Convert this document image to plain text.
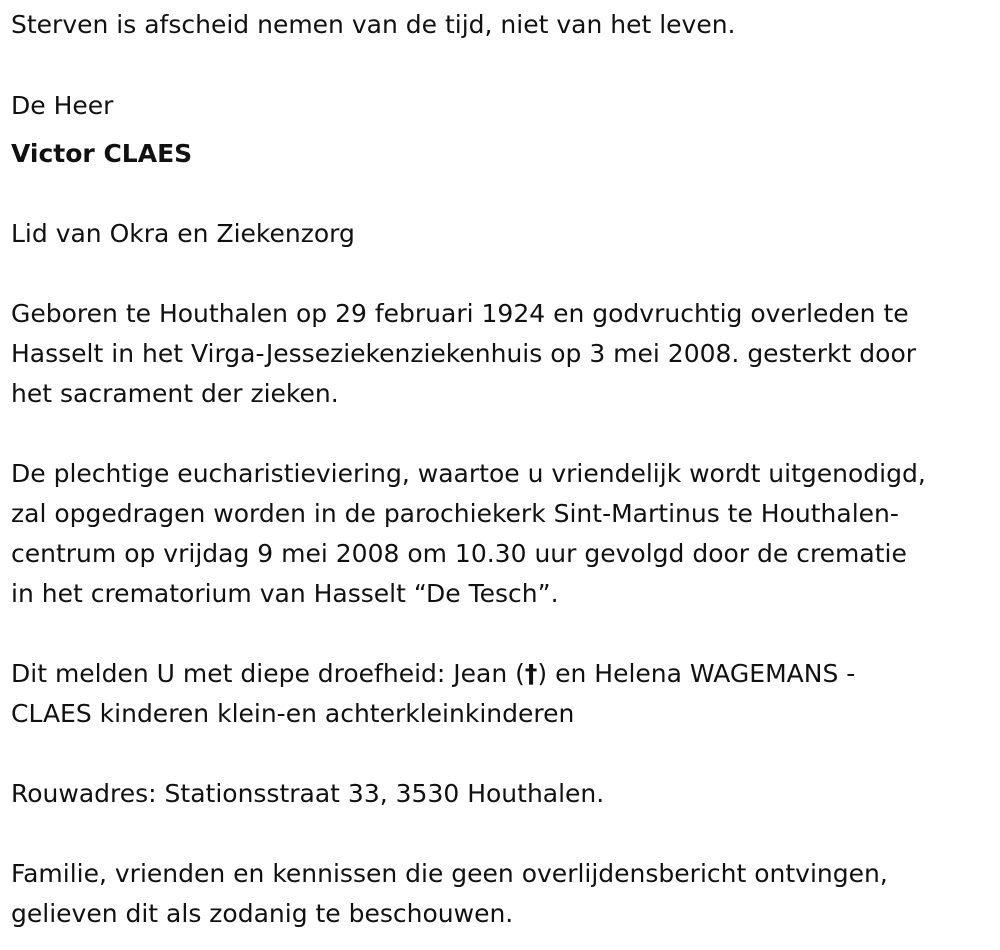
Sterven is afscheid nemen van de tijd, niet van het leven.
De Heer
Victor CLAES
Lid van Okra en Ziekenzorg
Geboren te Houthalen op 29 februari 1924 en godvruchtig overleden te
Hasselt in het Virga-Jesseziekenziekenhuis op 3 mei 2008. gesterkt door
het sacrament der zieken.
De plechtige eucharistieviering, waartoe u vriendelijk wordt uitgenodigd,
zal opgedragen worden in de parochiekerk Sint-Martinus te Houthalen-
centrum op vrijdag 9 mei 2008 om 10.30 uur gevolgd door de crematie
in het crematorium van Hasselt “De Tesch”.
Dit melden U met diepe droefheid: Jean (†) en Helena WAGEMANS -
CLAES kinderen klein-en achterkleinkinderen
Rouwadres: Stationsstraat 33, 3530 Houthalen.
Familie, vrienden en kennissen die geen overlijdensbericht ontvingen,
gelieven dit als zodanig te beschouwen.
